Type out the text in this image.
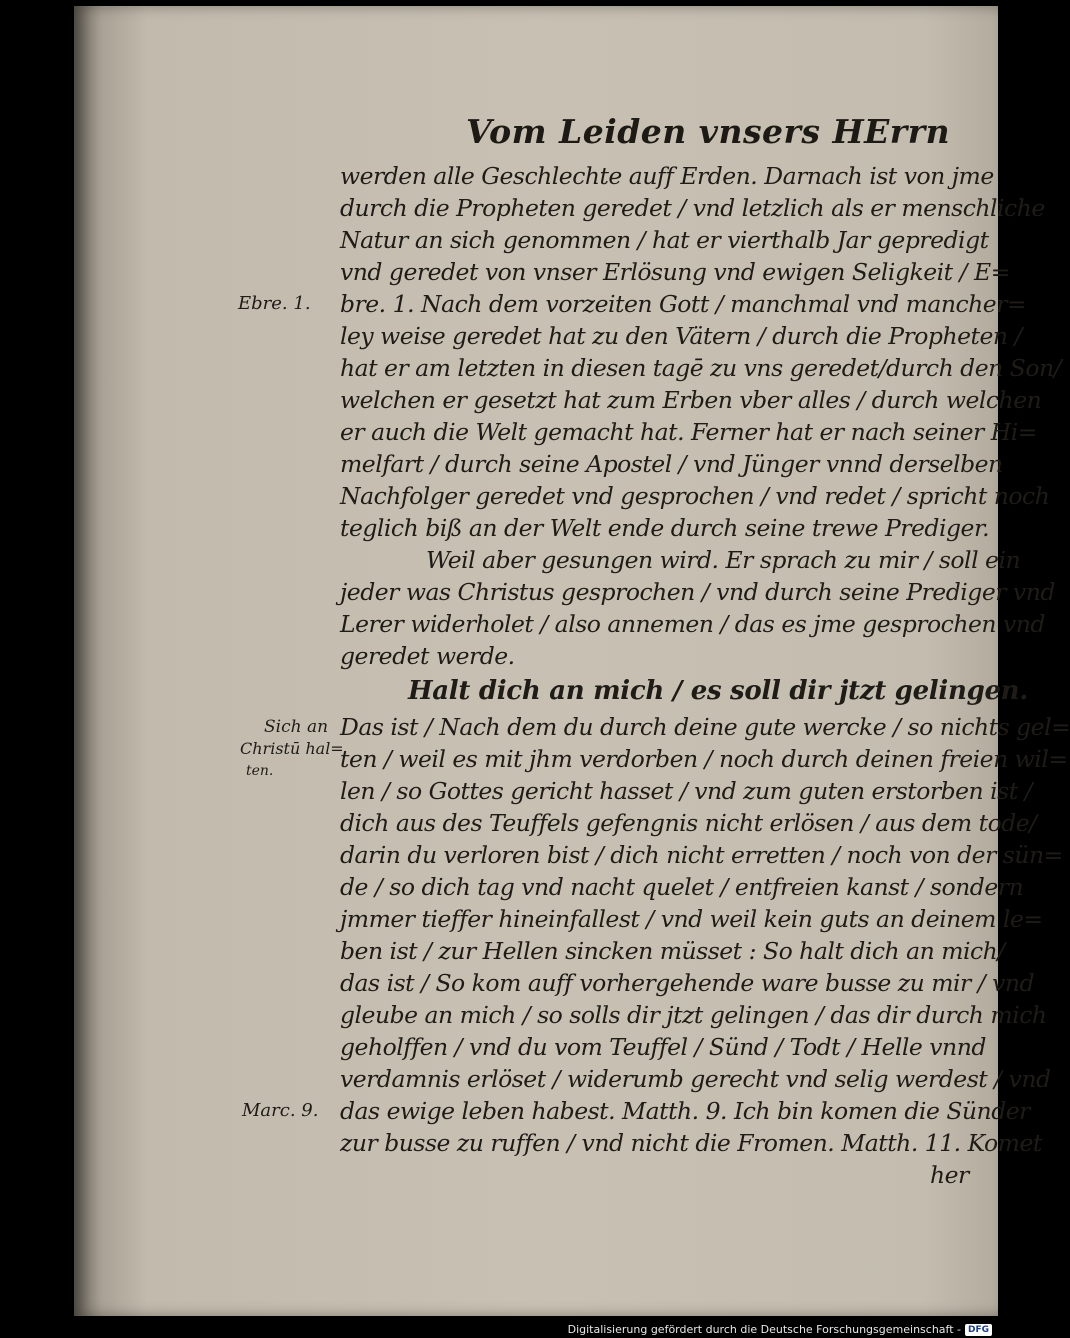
Vom Leiden vnsers HErrn
werden alle Geschlechte auff Erden. Darnach ist von jme
durch die Propheten geredet / vnd letzlich als er menschliche
Natur an sich genommen / hat er vierthalb Jar gepredigt
vnd geredet von vnser Erlösung vnd ewigen Seligkeit / E=
bre. 1. Nach dem vorzeiten Gott / manchmal vnd mancher=
ley weise geredet hat zu den Vätern / durch die Propheten /
hat er am letzten in diesen tagē zu vns geredet/durch den Son/
welchen er gesetzt hat zum Erben vber alles / durch welchen
er auch die Welt gemacht hat. Ferner hat er nach seiner Hi=
melfart / durch seine Apostel / vnd Jünger vnnd derselben
Nachfolger geredet vnd gesprochen / vnd redet / spricht noch
teglich biß an der Welt ende durch seine trewe Prediger.
Weil aber gesungen wird. Er sprach zu mir / soll ein
jeder was Christus gesprochen / vnd durch seine Prediger vnd
Lerer widerholet / also annemen / das es jme gesprochen vnd
geredet werde.
Halt dich an mich / es soll dir jtzt gelingen.
Das ist / Nach dem du durch deine gute wercke / so nichts gel=
ten / weil es mit jhm verdorben / noch durch deinen freien wil=
len / so Gottes gericht hasset / vnd zum guten erstorben ist /
dich aus des Teuffels gefengnis nicht erlösen / aus dem tode/
darin du verloren bist / dich nicht erretten / noch von der sün=
de / so dich tag vnd nacht quelet / entfreien kanst / sondern
jmmer tieffer hineinfallest / vnd weil kein guts an deinem le=
ben ist / zur Hellen sincken müsset : So halt dich an mich/
das ist / So kom auff vorhergehende ware busse zu mir / vnd
gleube an mich / so solls dir jtzt gelingen / das dir durch mich
geholffen / vnd du vom Teuffel / Sünd / Todt / Helle vnnd
verdamnis erlöset / widerumb gerecht vnd selig werdest / vnd
das ewige leben habest. Matth. 9. Ich bin komen die Sünder
zur busse zu ruffen / vnd nicht die Fromen. Matth. 11. Komet
her
Ebre. 1.
Sich an
Christū hal=
ten.
Marc. 9.
Digitalisierung gefördert durch die Deutsche Forschungsgemeinschaft - DFG
